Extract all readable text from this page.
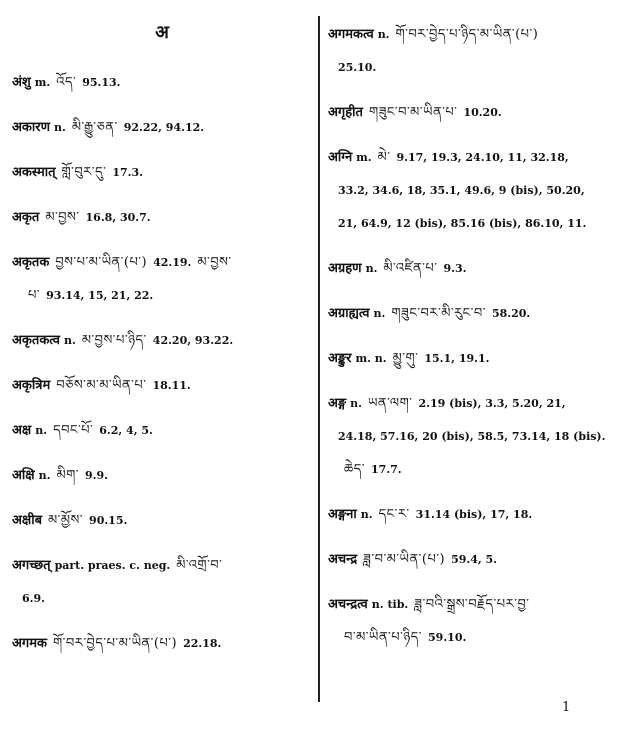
अ
अंशु m. འོད་ 95.13.
अकारण n. མི་རྒྱུ་ཅན་ 92.22, 94.12.
अकस्मात् གློ་བུར་དུ་ 17.3.
अकृत མ་བྱས་ 16.8, 30.7.
अकृतक བྱས་པ་མ་ཡིན་(པ་) 42.19. མ་བྱས་
པ་ 93.14, 15, 21, 22.
अकृतकत्व n. མ་བྱས་པ་ཉིད་ 42.20, 93.22.
अकृत्रिम བཅོས་མ་མ་ཡིན་པ་ 18.11.
अक्ष n. དབང་པོ་ 6.2, 4, 5.
अक्षि n. མིག་ 9.9.
अक्षीब མ་མྱོས་ 90.15.
अगच्छत् part. praes. c. neg. མི་འགྲོ་བ་
6.9.
अगमक གོ་བར་བྱེད་པ་མ་ཡིན་(པ་) 22.18.
अगमकत्व n. གོ་བར་བྱེད་པ་ཉིད་མ་ཡིན་(པ་)
25.10.
अगृहीत གཟུང་བ་མ་ཡིན་པ་ 10.20.
अग्नि m. མེ་ 9.17, 19.3, 24.10, 11, 32.18,
33.2, 34.6, 18, 35.1, 49.6, 9 (bis), 50.20,
21, 64.9, 12 (bis), 85.16 (bis), 86.10, 11.
अग्रहण n. མི་འཛིན་པ་ 9.3.
अग्राह्यत्व n. གཟུང་བར་མི་རུང་བ་ 58.20.
अङ्कुर m. n. མྱུ་གུ་ 15.1, 19.1.
अङ्ग n. ཡན་ལག་ 2.19 (bis), 3.3, 5.20, 21,
24.18, 57.16, 20 (bis), 58.5, 73.14, 18 (bis).
ཆེད་ 17.7.
अङ्गना n. དང་ར་ 31.14 (bis), 17, 18.
अचन्द्र ཟླ་བ་མ་ཡིན་(པ་) 59.4, 5.
अचन्द्रत्व n. tib. ཟླ་བའི་སྒྲས་བརྗོད་པར་བྱ་
བ་མ་ཡིན་པ་ཉིད་ 59.10.
1
